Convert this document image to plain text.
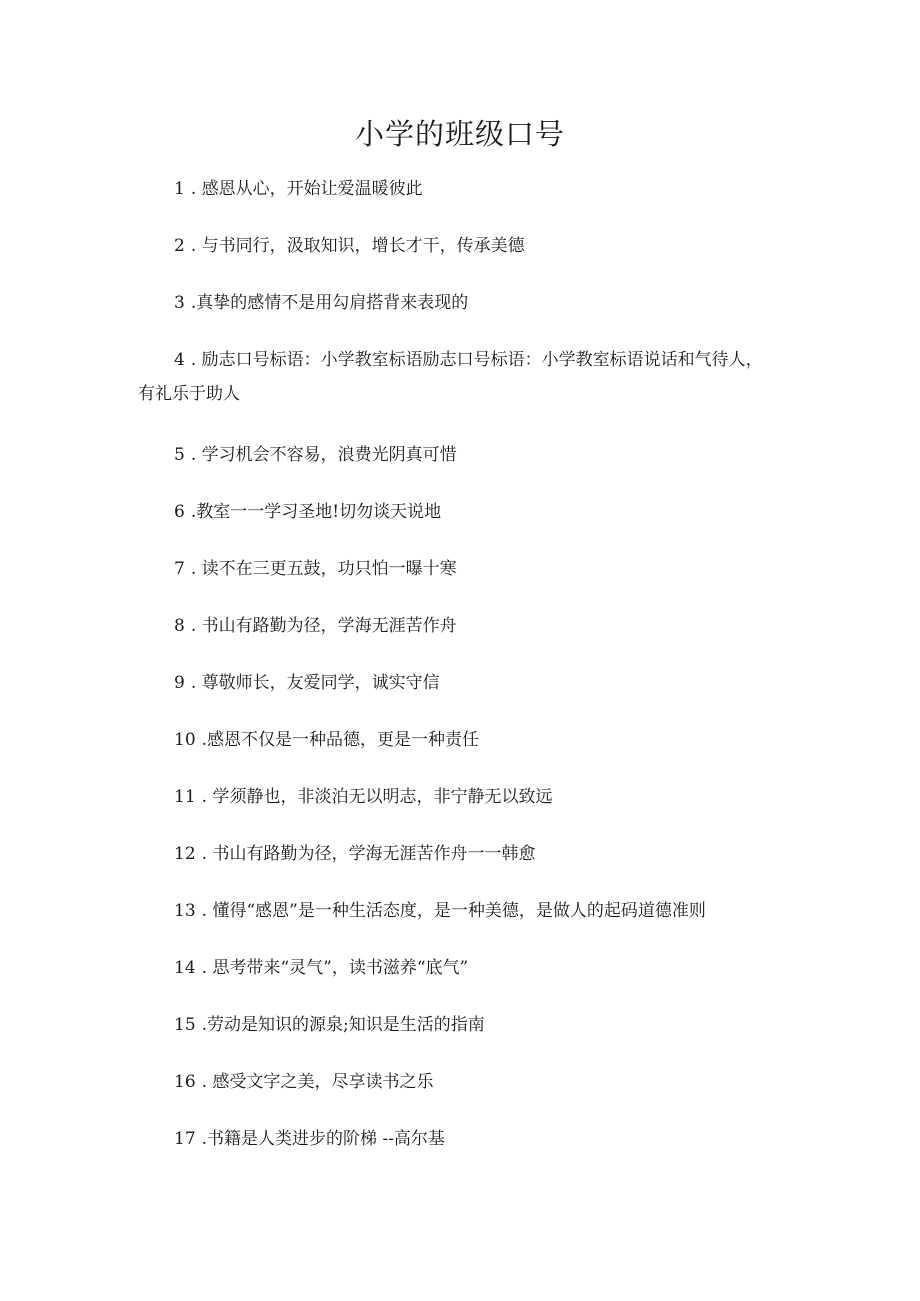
小学的班级口号
1 . 感恩从心，开始让爱温暖彼此
2 . 与书同行，汲取知识，增长才干，传承美德
3 .真挚的感情不是用勾肩搭背来表现的
4 . 励志口号标语：小学教室标语励志口号标语：小学教室标语说话和气待人，有礼乐于助人
5 . 学习机会不容易，浪费光阴真可惜
6 .教室一一学习圣地!切勿谈天说地
7 . 读不在三更五鼓，功只怕一曝十寒
8 . 书山有路勤为径，学海无涯苦作舟
9 . 尊敬师长，友爱同学，诚实守信
10 .感恩不仅是一种品德，更是一种责任
11 . 学须静也，非淡泊无以明志，非宁静无以致远
12 . 书山有路勤为径，学海无涯苦作舟一一韩愈
13 . 懂得“感恩”是一种生活态度，是一种美德，是做人的起码道德准则
14 . 思考带来“灵气”，读书滋养“底气”
15 .劳动是知识的源泉;知识是生活的指南
16 . 感受文字之美，尽享读书之乐
17 .书籍是人类进步的阶梯 --高尔基
